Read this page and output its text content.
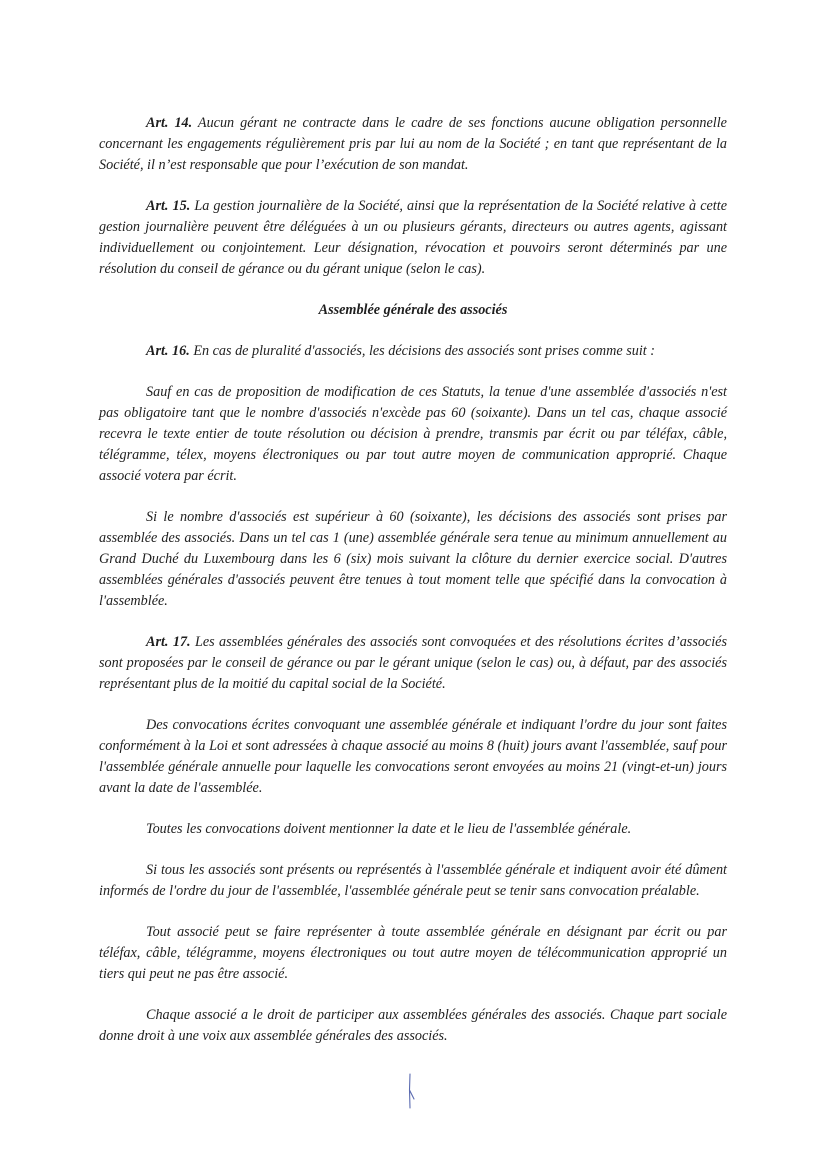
Art. 14. Aucun gérant ne contracte dans le cadre de ses fonctions aucune obligation personnelle concernant les engagements régulièrement pris par lui au nom de la Société ; en tant que représentant de la Société, il n’est responsable que pour l’exécution de son mandat.

Art. 15. La gestion journalière de la Société, ainsi que la représentation de la Société relative à cette gestion journalière peuvent être déléguées à un ou plusieurs gérants, directeurs ou autres agents, agissant individuellement ou conjointement. Leur désignation, révocation et pouvoirs seront déterminés par une résolution du conseil de gérance ou du gérant unique (selon le cas).

Assemblée générale des associés

Art. 16. En cas de pluralité d'associés, les décisions des associés sont prises comme suit :

Sauf en cas de proposition de modification de ces Statuts, la tenue d'une assemblée d'associés n'est pas obligatoire tant que le nombre d'associés n'excède pas 60 (soixante). Dans un tel cas, chaque associé recevra le texte entier de toute résolution ou décision à prendre, transmis par écrit ou par téléfax, câble, télégramme, télex, moyens électroniques ou par tout autre moyen de communication approprié. Chaque associé votera par écrit.

Si le nombre d'associés est supérieur à 60 (soixante), les décisions des associés sont prises par assemblée des associés. Dans un tel cas 1 (une) assemblée générale sera tenue au minimum annuellement au Grand Duché du Luxembourg dans les 6 (six) mois suivant la clôture du dernier exercice social. D'autres assemblées générales d'associés peuvent être tenues à tout moment telle que spécifié dans la convocation à l'assemblée.

Art. 17. Les assemblées générales des associés sont convoquées et des résolutions écrites d’associés sont proposées par le conseil de gérance ou par le gérant unique (selon le cas) ou, à défaut, par des associés représentant plus de la moitié du capital social de la Société.

Des convocations écrites convoquant une assemblée générale et indiquant l'ordre du jour sont faites conformément à la Loi et sont adressées à chaque associé au moins 8 (huit) jours avant l'assemblée, sauf pour l'assemblée générale annuelle pour laquelle les convocations seront envoyées au moins 21 (vingt-et-un) jours avant la date de l'assemblée.

Toutes les convocations doivent mentionner la date et le lieu de l'assemblée générale.

Si tous les associés sont présents ou représentés à l'assemblée générale et indiquent avoir été dûment informés de l'ordre du jour de l'assemblée, l'assemblée générale peut se tenir sans convocation préalable.

Tout associé peut se faire représenter à toute assemblée générale en désignant par écrit ou par téléfax, câble, télégramme, moyens électroniques ou tout autre moyen de télécommunication approprié un tiers qui peut ne pas être associé.

Chaque associé a le droit de participer aux assemblées générales des associés. Chaque part sociale donne droit à une voix aux assemblée générales des associés.
